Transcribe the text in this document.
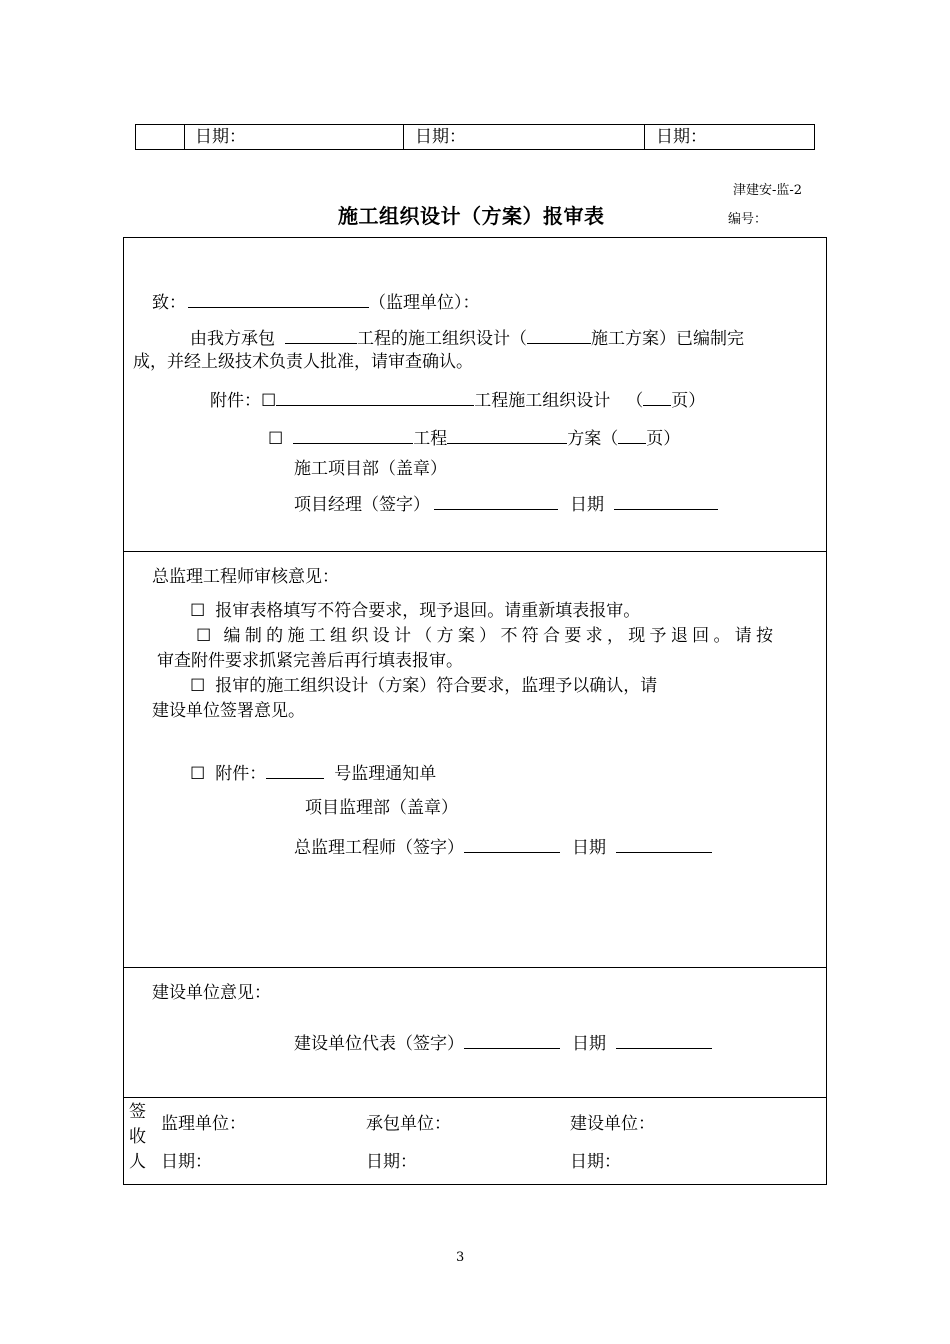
日期：	日期：	日期：
津建安-监-2
施工组织设计（方案）报审表	编号：
致：	（监理单位）：
由我方承包	工程的施工组织设计（	施工方案）已编制完
成，并经上级技术负责人批准，请审查确认。
附件：☐	工程施工组织设计 （ 页）
☐	工程	方案（ 页）
施工项目部（盖章）
项目经理（签字）	日期
总监理工程师审核意见：
☐ 报审表格填写不符合要求，现予退回。请重新填表报审。
☐ 编制的施工组织设计（方案）不符合要求，现予退回。请按
审查附件要求抓紧完善后再行填表报审。
☐ 报审的施工组织设计（方案）符合要求，监理予以确认，请
建设单位签署意见。
☐ 附件：	号监理通知单
项目监理部（盖章）
总监理工程师（签字）	日期
建设单位意见：
建设单位代表（签字）	日期
签
收
人
监理单位：	承包单位：	建设单位：
日期：	日期：	日期：
3
